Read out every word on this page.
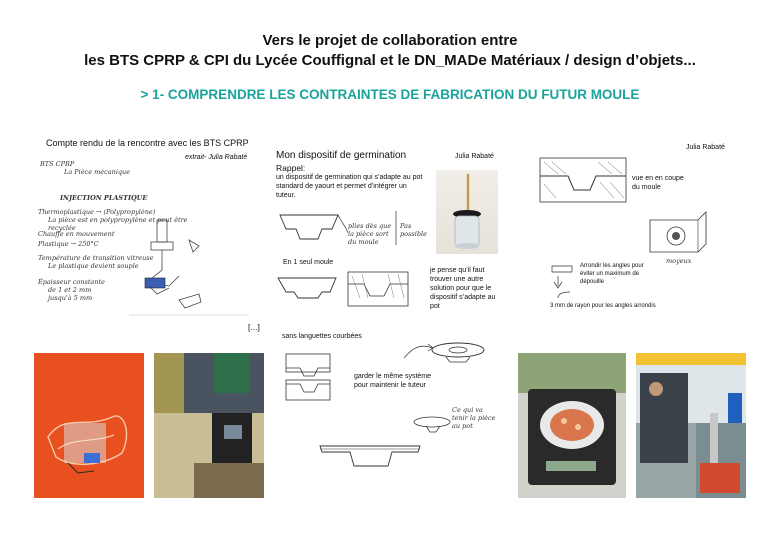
Vers le projet de collaboration entre
les BTS CPRP & CPI du Lycée Couffignal et le DN_MADe Matériaux / design d’objets...
> 1- COMPRENDRE LES CONTRAINTES DE FABRICATION DU FUTUR MOULE
Compte rendu de la rencontre avec les BTS CPRP
extrait- Julia Rabaté
BTS CPRP
La Pièce mécanique
INJECTION PLASTIQUE
Thermoplastique → (Polypropylène)
La pièce est en polypropylène et peut être recyclée
Chauffe en mouvement
Plastique → 250°C
Température de transition vitreuse
Le plastique devient souple
Épaisseur constante
de 1 et 2 mm
jusqu'à 5 mm
[...]
Mon dispositif de germination	Julia Rabaté
Rappel:
un dispositif de germination qui s’adapte au pot standard de yaourt et permet d’intégrer un tuteur.
plies dès que la pièce sort du moule
Pas possible
En 1 seul moule
je pense qu’il faut trouver une autre solution pour que le dispositif s’adapte au pot
sans languettes courbées
garder le même système pour maintenir le tuteur
Ce qui va tenir la pièce au pot
Julia Rabaté
vue en en coupe du moule
moyeux
Arrondir les angles pour éviter un maximum de dépouille
3 mm de rayon pour les angles arrondis
